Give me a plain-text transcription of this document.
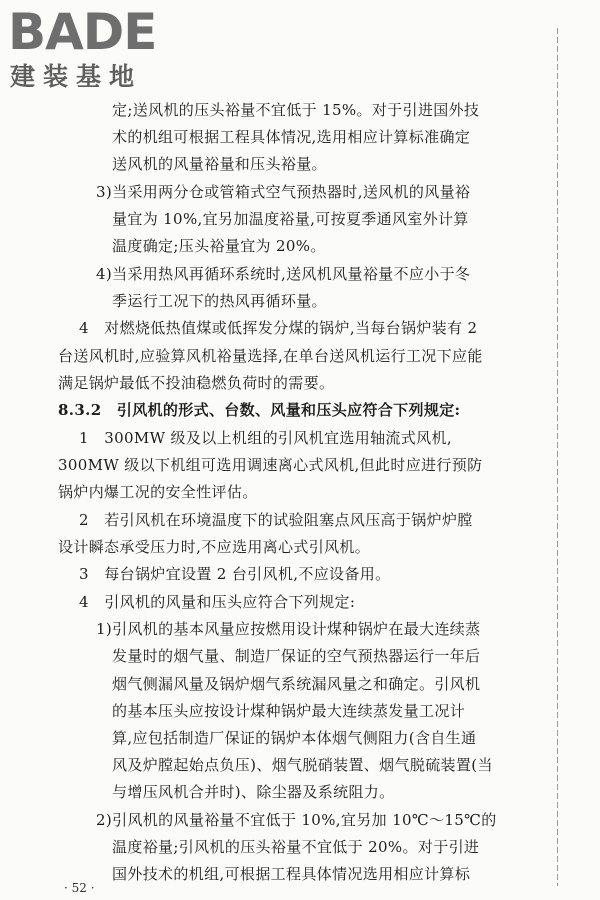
BADE
建装基地
定;送风机的压头裕量不宜低于 15%。对于引进国外技
术的机组可根据工程具体情况,选用相应计算标准确定
送风机的风量裕量和压头裕量。
3)当采用两分仓或管箱式空气预热器时,送风机的风量裕
量宜为 10%,宜另加温度裕量,可按夏季通风室外计算
温度确定;压头裕量宜为 20%。
4)当采用热风再循环系统时,送风机风量裕量不应小于冬
季运行工况下的热风再循环量。
4　对燃烧低热值煤或低挥发分煤的锅炉,当每台锅炉装有 2
台送风机时,应验算风机裕量选择,在单台送风机运行工况下应能
满足锅炉最低不投油稳燃负荷时的需要。
8.3.2　引风机的形式、台数、风量和压头应符合下列规定:
1　300MW 级及以上机组的引风机宜选用轴流式风机,
300MW 级以下机组可选用调速离心式风机,但此时应进行预防
锅炉内爆工况的安全性评估。
2　若引风机在环境温度下的试验阻塞点风压高于锅炉炉膛
设计瞬态承受压力时,不应选用离心式引风机。
3　每台锅炉宜设置 2 台引风机,不应设备用。
4　引风机的风量和压头应符合下列规定:
1)引风机的基本风量应按燃用设计煤种锅炉在最大连续蒸
发量时的烟气量、制造厂保证的空气预热器运行一年后
烟气侧漏风量及锅炉烟气系统漏风量之和确定。引风机
的基本压头应按设计煤种锅炉最大连续蒸发量工况计
算,应包括制造厂保证的锅炉本体烟气侧阻力(含自生通
风及炉膛起始点负压)、烟气脱硝装置、烟气脱硫装置(当
与增压风机合并时)、除尘器及系统阻力。
2)引风机的风量裕量不宜低于 10%,宜另加 10℃～15℃的
温度裕量;引风机的压头裕量不宜低于 20%。对于引进
国外技术的机组,可根据工程具体情况选用相应计算标
· 52 ·
